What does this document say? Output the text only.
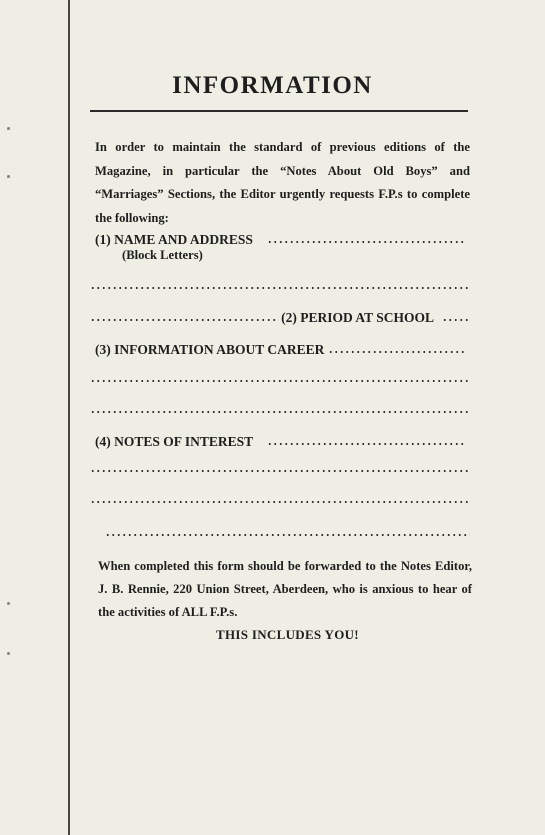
INFORMATION
In order to maintain the standard of previous editions of the Magazine, in particular the “Notes About Old Boys” and “Marriages” Sections, the Editor urgently requests F.P.s to complete the following:
(1) NAME AND ADDRESS
(Block Letters)
(2) PERIOD AT SCHOOL
(3) INFORMATION ABOUT CAREER
(4) NOTES OF INTEREST
When completed this form should be forwarded to the Notes Editor, J. B. Rennie, 220 Union Street, Aberdeen, who is anxious to hear of the activities of ALL F.P.s.
THIS INCLUDES YOU!
